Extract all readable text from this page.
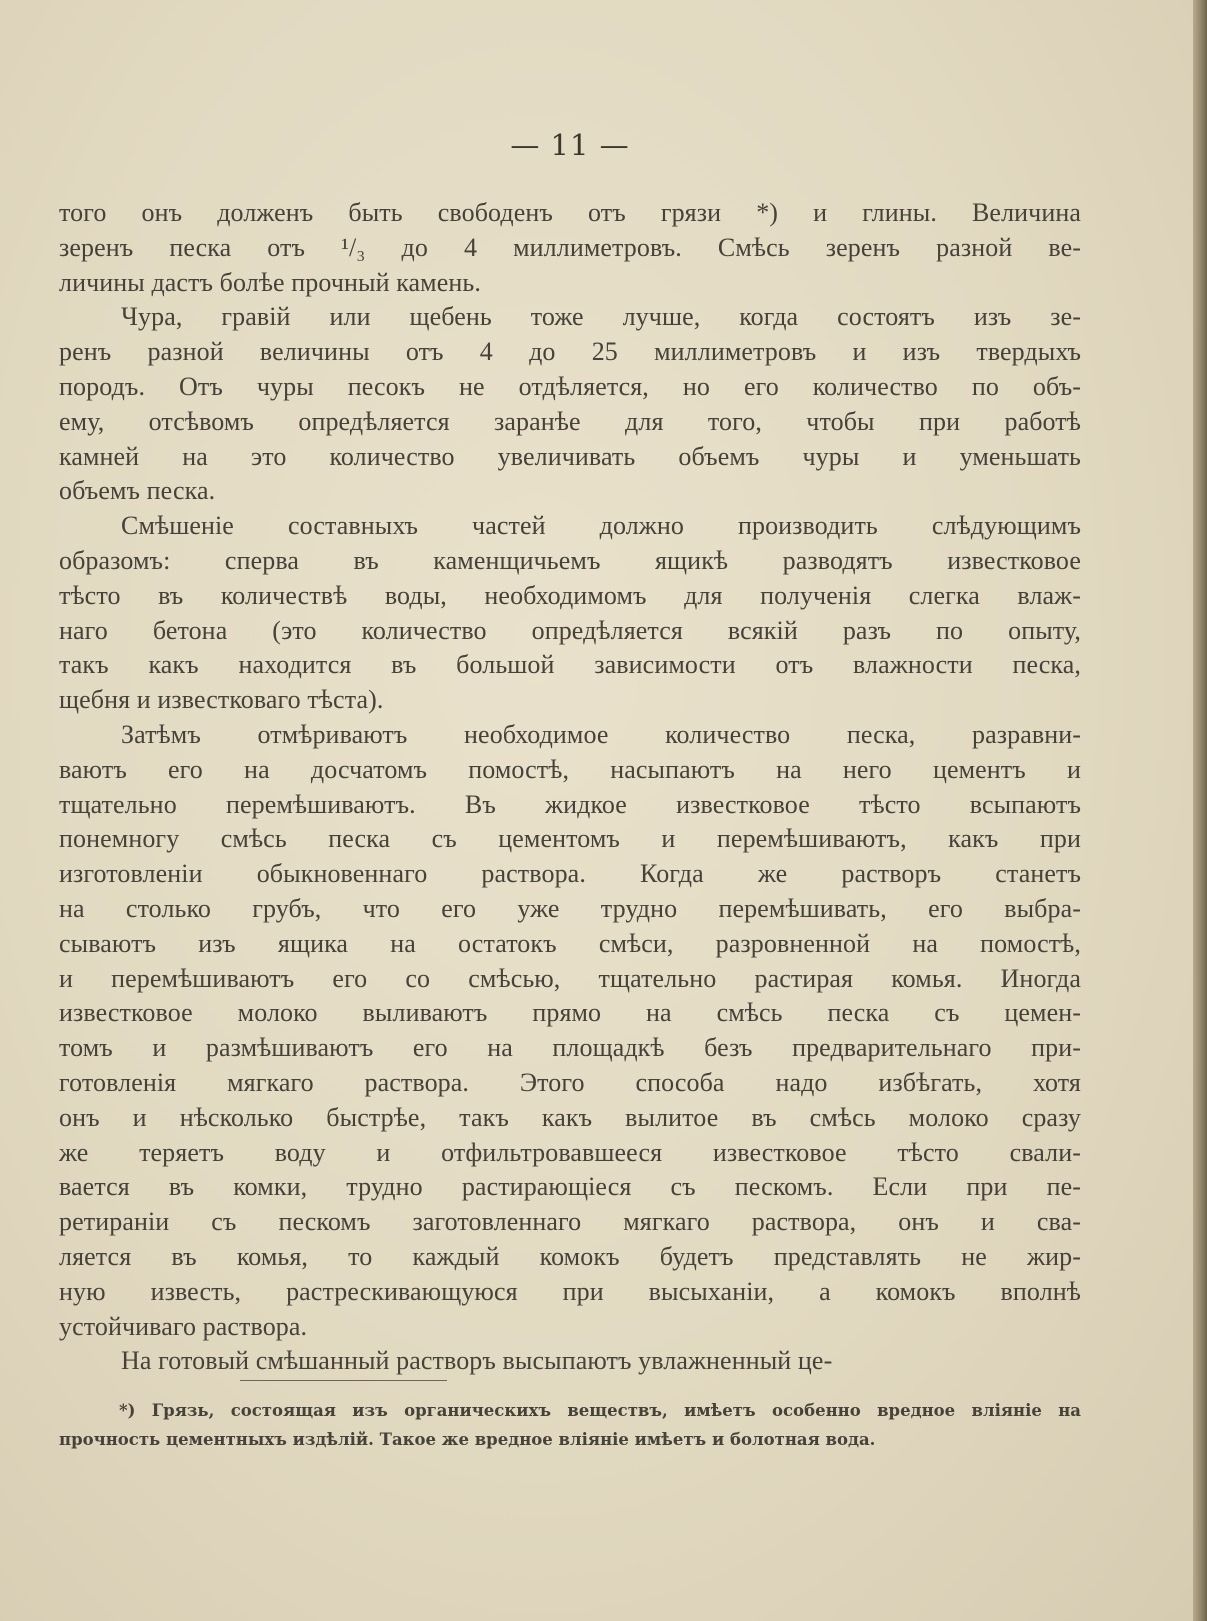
— 11 —
того онъ долженъ быть свободенъ отъ грязи *) и глины. Величина
зеренъ песка отъ ¹/₃ до 4 миллиметровъ. Смѣсь зеренъ разной ве-
личины дастъ болѣе прочный камень.
Чура, гравій или щебень тоже лучше, когда состоятъ изъ зе-
ренъ разной величины отъ 4 до 25 миллиметровъ и изъ твердыхъ
породъ. Отъ чуры песокъ не отдѣляется, но его количество по объ-
ему, отсѣвомъ опредѣляется заранѣе для того, чтобы при работѣ
камней на это количество увеличивать объемъ чуры и уменьшать
объемъ песка.
Смѣшеніе составныхъ частей должно производить слѣдующимъ
образомъ: сперва въ каменщичьемъ ящикѣ разводятъ известковое
тѣсто въ количествѣ воды, необходимомъ для полученія слегка влаж-
наго бетона (это количество опредѣляется всякій разъ по опыту,
такъ какъ находится въ большой зависимости отъ влажности песка,
щебня и известковаго тѣста).
Затѣмъ отмѣриваютъ необходимое количество песка, разравни-
ваютъ его на досчатомъ помостѣ, насыпаютъ на него цементъ и
тщательно перемѣшиваютъ. Въ жидкое известковое тѣсто всыпаютъ
понемногу смѣсь песка съ цементомъ и перемѣшиваютъ, какъ при
изготовленіи обыкновеннаго раствора. Когда же растворъ станетъ
на столько грубъ, что его уже трудно перемѣшивать, его выбра-
сываютъ изъ ящика на остатокъ смѣси, разровненной на помостѣ,
и перемѣшиваютъ его со смѣсью, тщательно растирая комья. Иногда
известковое молоко выливаютъ прямо на смѣсь песка съ цемен-
томъ и размѣшиваютъ его на площадкѣ безъ предварительнаго при-
готовленія мягкаго раствора. Этого способа надо избѣгать, хотя
онъ и нѣсколько быстрѣе, такъ какъ вылитое въ смѣсь молоко сразу
же теряетъ воду и отфильтровавшееся известковое тѣсто свали-
вается въ комки, трудно растирающіеся съ пескомъ. Если при пе-
ретираніи съ пескомъ заготовленнаго мягкаго раствора, онъ и сва-
ляется въ комья, то каждый комокъ будетъ представлять не жир-
ную известь, растрескивающуюся при высыханіи, а комокъ вполнѣ
устойчиваго раствора.
На готовый смѣшанный растворъ высыпаютъ увлажненный це-
*) Грязь, состоящая изъ органическихъ веществъ, имѣетъ особенно вредное вліяніе на прочность цементныхъ издѣлій. Такое же вредное вліяніе имѣетъ и болотная вода.
